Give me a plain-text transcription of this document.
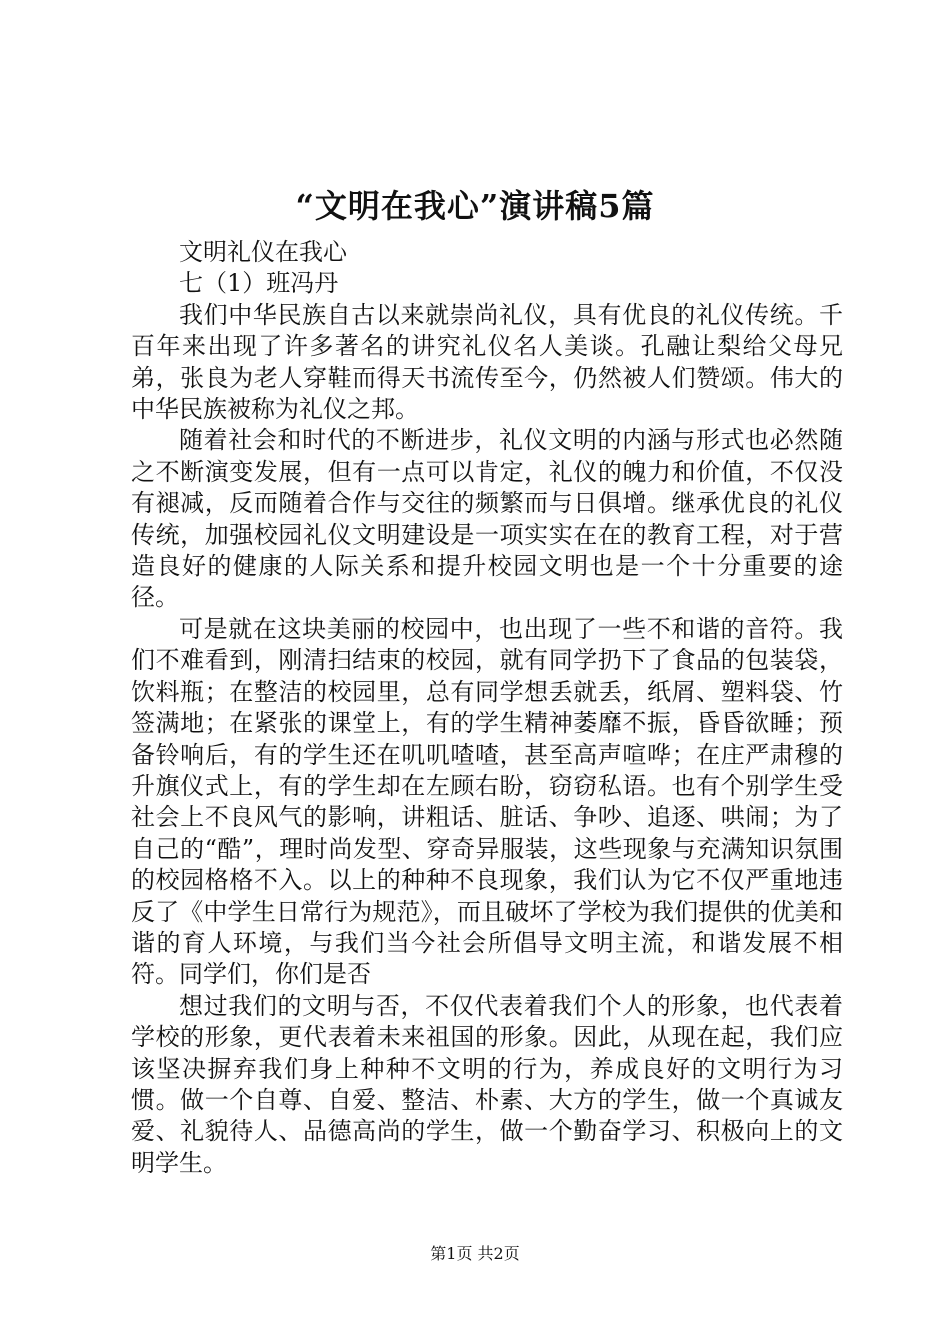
“文明在我心”演讲稿5篇

文明礼仪在我心

七（1）班冯丹

我们中华民族自古以来就崇尚礼仪，具有优良的礼仪传统。千百年来出现了许多著名的讲究礼仪名人美谈。孔融让梨给父母兄弟，张良为老人穿鞋而得天书流传至今，仍然被人们赞颂。伟大的中华民族被称为礼仪之邦。

随着社会和时代的不断进步，礼仪文明的内涵与形式也必然随之不断演变发展，但有一点可以肯定，礼仪的魄力和价值，不仅没有褪减，反而随着合作与交往的频繁而与日俱增。继承优良的礼仪传统，加强校园礼仪文明建设是一项实实在在的教育工程，对于营造良好的健康的人际关系和提升校园文明也是一个十分重要的途径。

可是就在这块美丽的校园中，也出现了一些不和谐的音符。我们不难看到，刚清扫结束的校园，就有同学扔下了食品的包装袋，饮料瓶；在整洁的校园里，总有同学想丢就丢，纸屑、塑料袋、竹签满地；在紧张的课堂上，有的学生精神萎靡不振，昏昏欲睡；预备铃响后，有的学生还在叽叽喳喳，甚至高声喧哗；在庄严肃穆的升旗仪式上，有的学生却在左顾右盼，窃窃私语。也有个别学生受社会上不良风气的影响，讲粗话、脏话、争吵、追逐、哄闹；为了自己的“酷”，理时尚发型、穿奇异服装，这些现象与充满知识氛围的校园格格不入。以上的种种不良现象，我们认为它不仅严重地违反了《中学生日常行为规范》，而且破坏了学校为我们提供的优美和谐的育人环境，与我们当今社会所倡导文明主流，和谐发展不相符。同学们，你们是否

想过我们的文明与否，不仅代表着我们个人的形象，也代表着学校的形象，更代表着未来祖国的形象。因此，从现在起，我们应该坚决摒弃我们身上种种不文明的行为，养成良好的文明行为习惯。做一个自尊、自爱、整洁、朴素、大方的学生，做一个真诚友爱、礼貌待人、品德高尚的学生，做一个勤奋学习、积极向上的文明学生。

第1页 共2页
